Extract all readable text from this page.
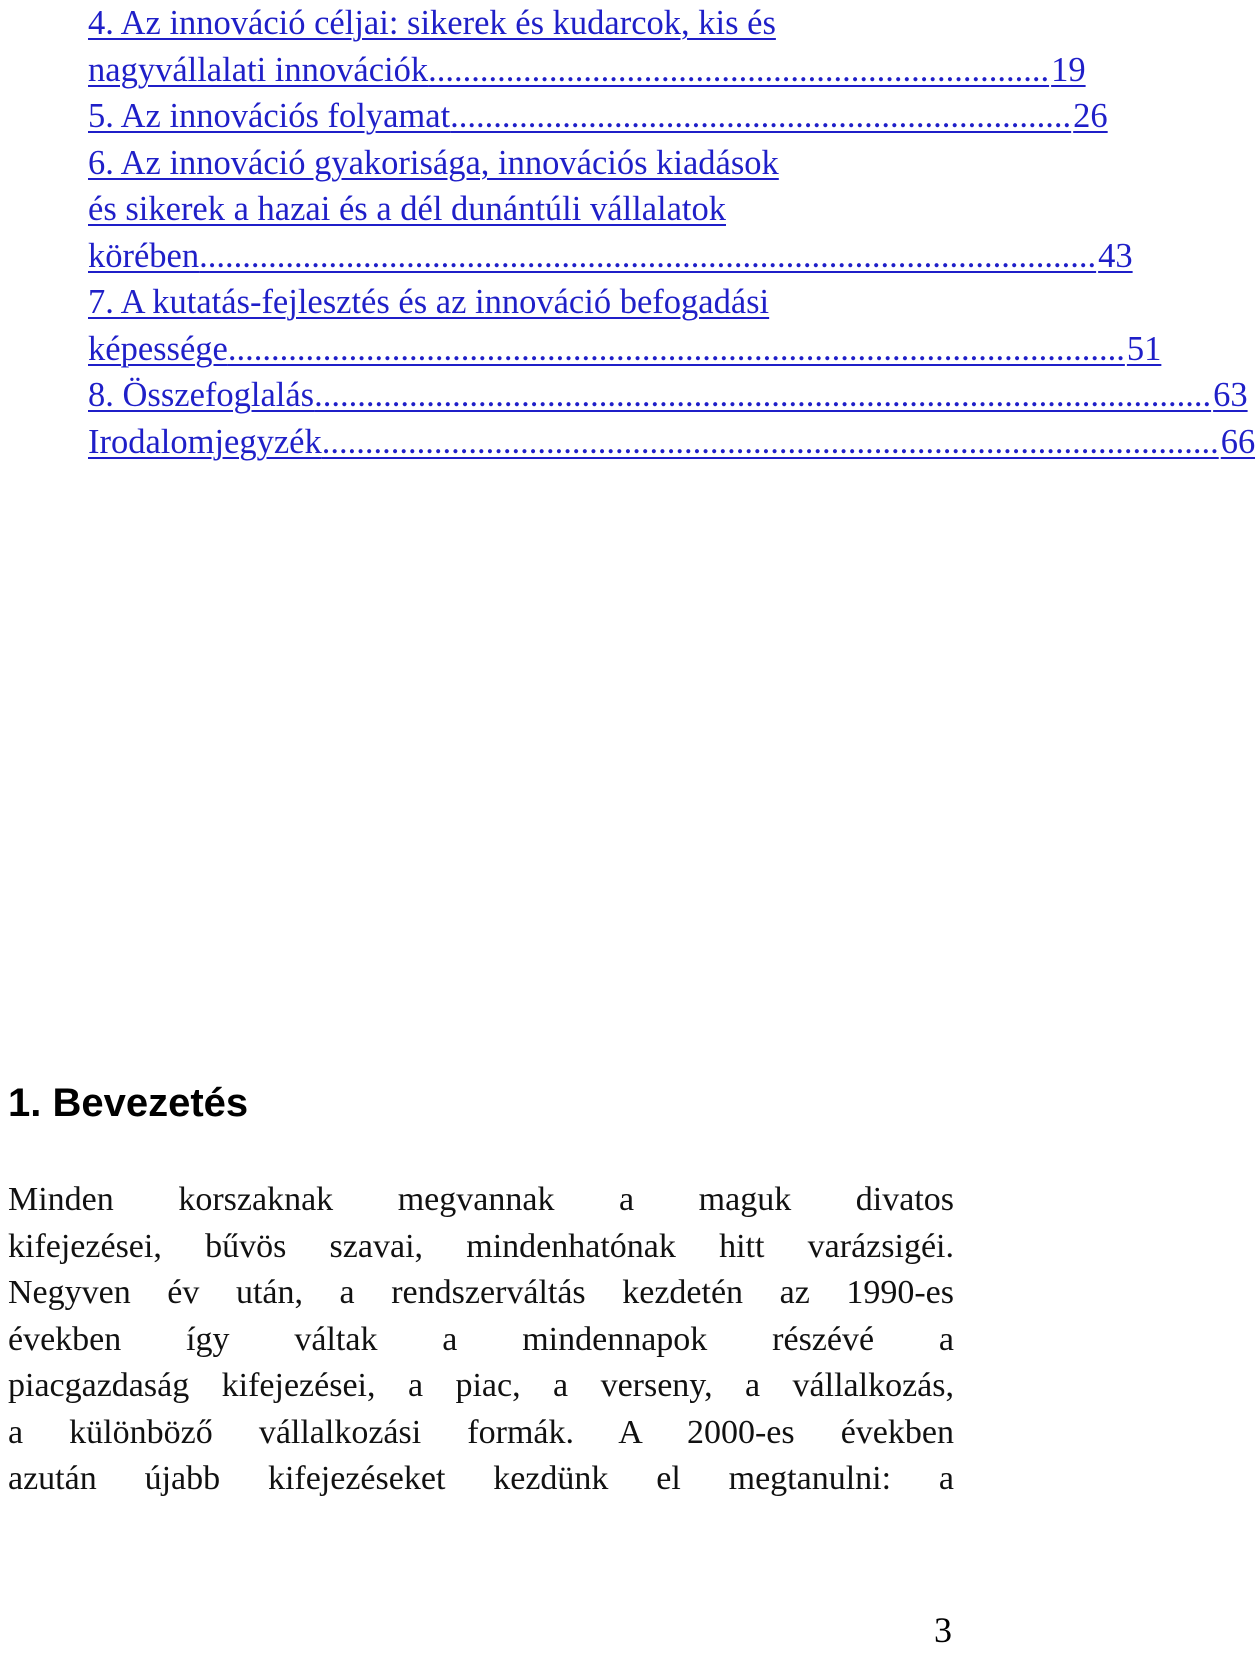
4. Az innováció céljai: sikerek és kudarcok, kis és
nagyvállalati innovációk ........................................................................ 19
5. Az innovációs folyamat ........................................................................ 26
6. Az innováció gyakorisága, innovációs kiadások
és sikerek a hazai és a dél dunántúli vállalatok
körében ........................................................................................................ 43
7. A kutatás-fejlesztés és az innováció befogadási
képessége ........................................................................................................ 51
8. Összefoglalás ........................................................................................................ 63
Irodalomjegyzék ........................................................................................................ 66
1. Bevezetés
Minden korszaknak megvannak a maguk divatos
kifejezései, bűvös szavai, mindenhatónak hitt varázsigéi.
Negyven év után, a rendszerváltás kezdetén az 1990-es
években így váltak a mindennapok részévé a
piacgazdaság kifejezései, a piac, a verseny, a vállalkozás,
a különböző vállalkozási formák. A 2000-es években
azután újabb kifejezéseket kezdünk el megtanulni: a
3
